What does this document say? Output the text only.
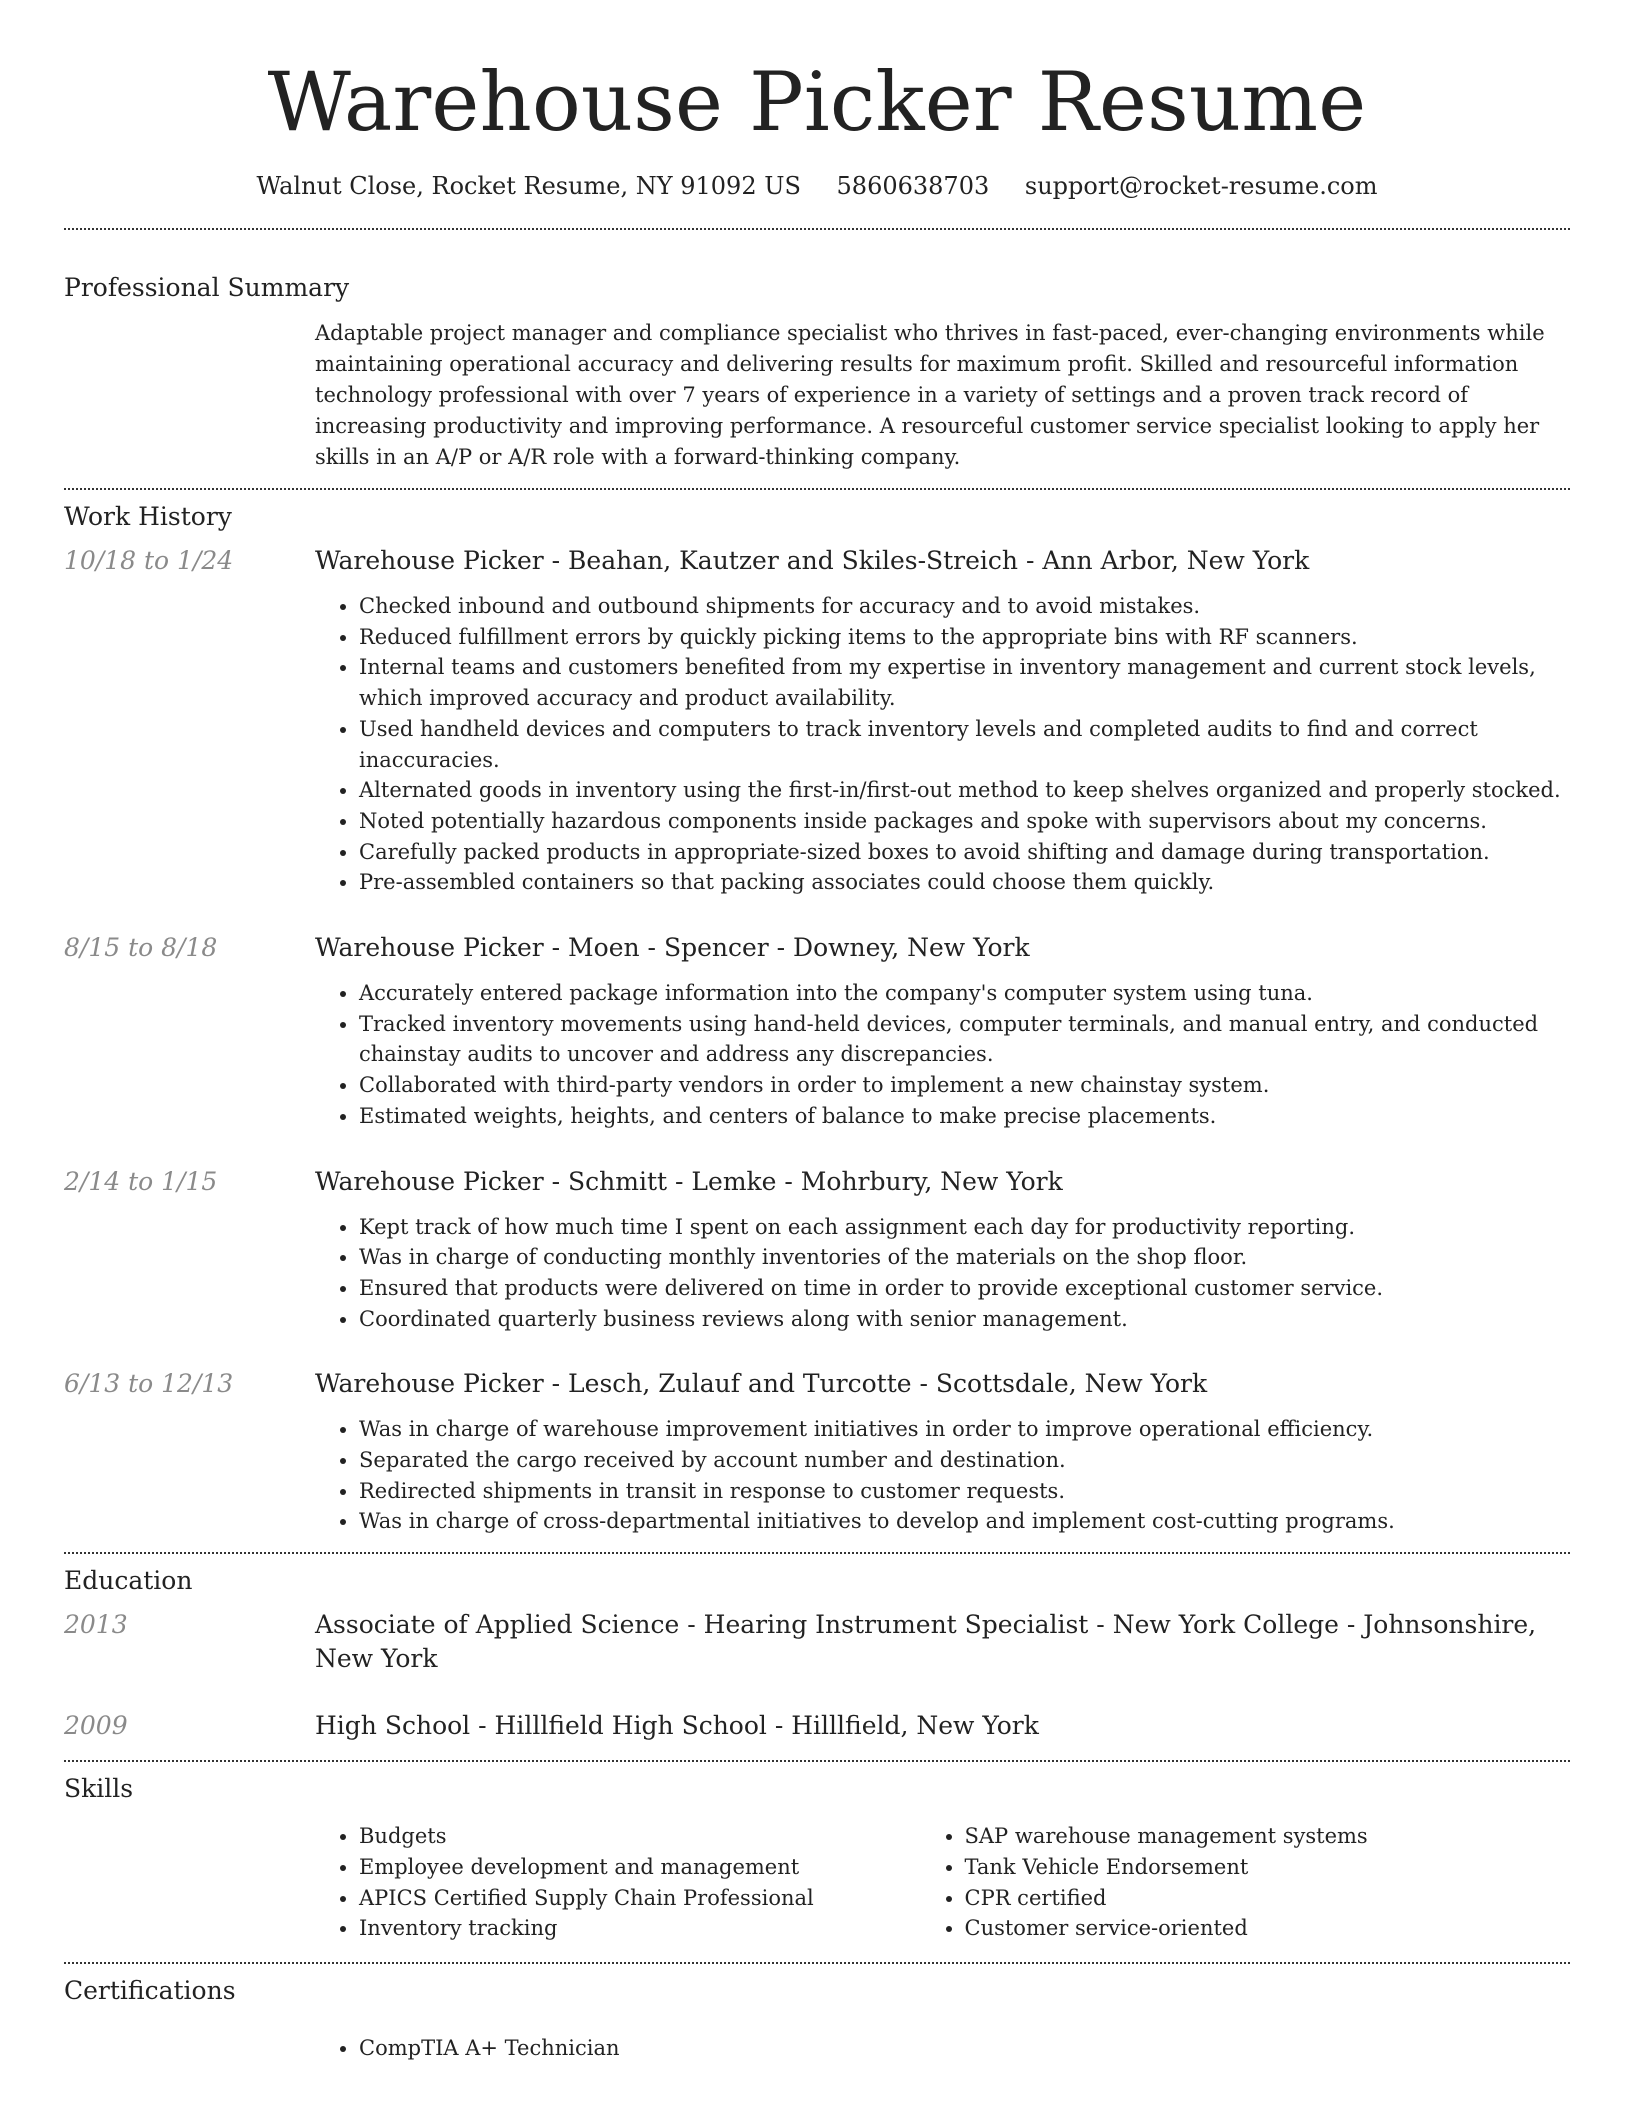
Warehouse Picker Resume
Walnut Close, Rocket Resume, NY 91092 US 5860638703 support@rocket-resume.com
Professional Summary

Adaptable project manager and compliance specialist who thrives in fast-paced, ever-changing environments while maintaining operational accuracy and delivering results for maximum profit. Skilled and resourceful information technology professional with over 7 years of experience in a variety of settings and a proven track record of increasing productivity and improving performance. A resourceful customer service specialist looking to apply her skills in an A/P or A/R role with a forward-thinking company.

Work History
10/18 to 1/24	Warehouse Picker - Beahan, Kautzer and Skiles-Streich - Ann Arbor, New York
• Checked inbound and outbound shipments for accuracy and to avoid mistakes.
• Reduced fulfillment errors by quickly picking items to the appropriate bins with RF scanners.
• Internal teams and customers benefited from my expertise in inventory management and current stock levels, which improved accuracy and product availability.
• Used handheld devices and computers to track inventory levels and completed audits to find and correct inaccuracies.
• Alternated goods in inventory using the first-in/first-out method to keep shelves organized and properly stocked.
• Noted potentially hazardous components inside packages and spoke with supervisors about my concerns.
• Carefully packed products in appropriate-sized boxes to avoid shifting and damage during transportation.
• Pre-assembled containers so that packing associates could choose them quickly.
8/15 to 8/18	Warehouse Picker - Moen - Spencer - Downey, New York
• Accurately entered package information into the company's computer system using tuna.
• Tracked inventory movements using hand-held devices, computer terminals, and manual entry, and conducted chainstay audits to uncover and address any discrepancies.
• Collaborated with third-party vendors in order to implement a new chainstay system.
• Estimated weights, heights, and centers of balance to make precise placements.
2/14 to 1/15	Warehouse Picker - Schmitt - Lemke - Mohrbury, New York
• Kept track of how much time I spent on each assignment each day for productivity reporting.
• Was in charge of conducting monthly inventories of the materials on the shop floor.
• Ensured that products were delivered on time in order to provide exceptional customer service.
• Coordinated quarterly business reviews along with senior management.
6/13 to 12/13	Warehouse Picker - Lesch, Zulauf and Turcotte - Scottsdale, New York
• Was in charge of warehouse improvement initiatives in order to improve operational efficiency.
• Separated the cargo received by account number and destination.
• Redirected shipments in transit in response to customer requests.
• Was in charge of cross-departmental initiatives to develop and implement cost-cutting programs.
Education
2013	Associate of Applied Science - Hearing Instrument Specialist - New York College - Johnsonshire, New York
2009	High School - Hilllfield High School - Hilllfield, New York
Skills
• Budgets
• Employee development and management
• APICS Certified Supply Chain Professional
• Inventory tracking
• SAP warehouse management systems
• Tank Vehicle Endorsement
• CPR certified
• Customer service-oriented
Certifications
• CompTIA A+ Technician
